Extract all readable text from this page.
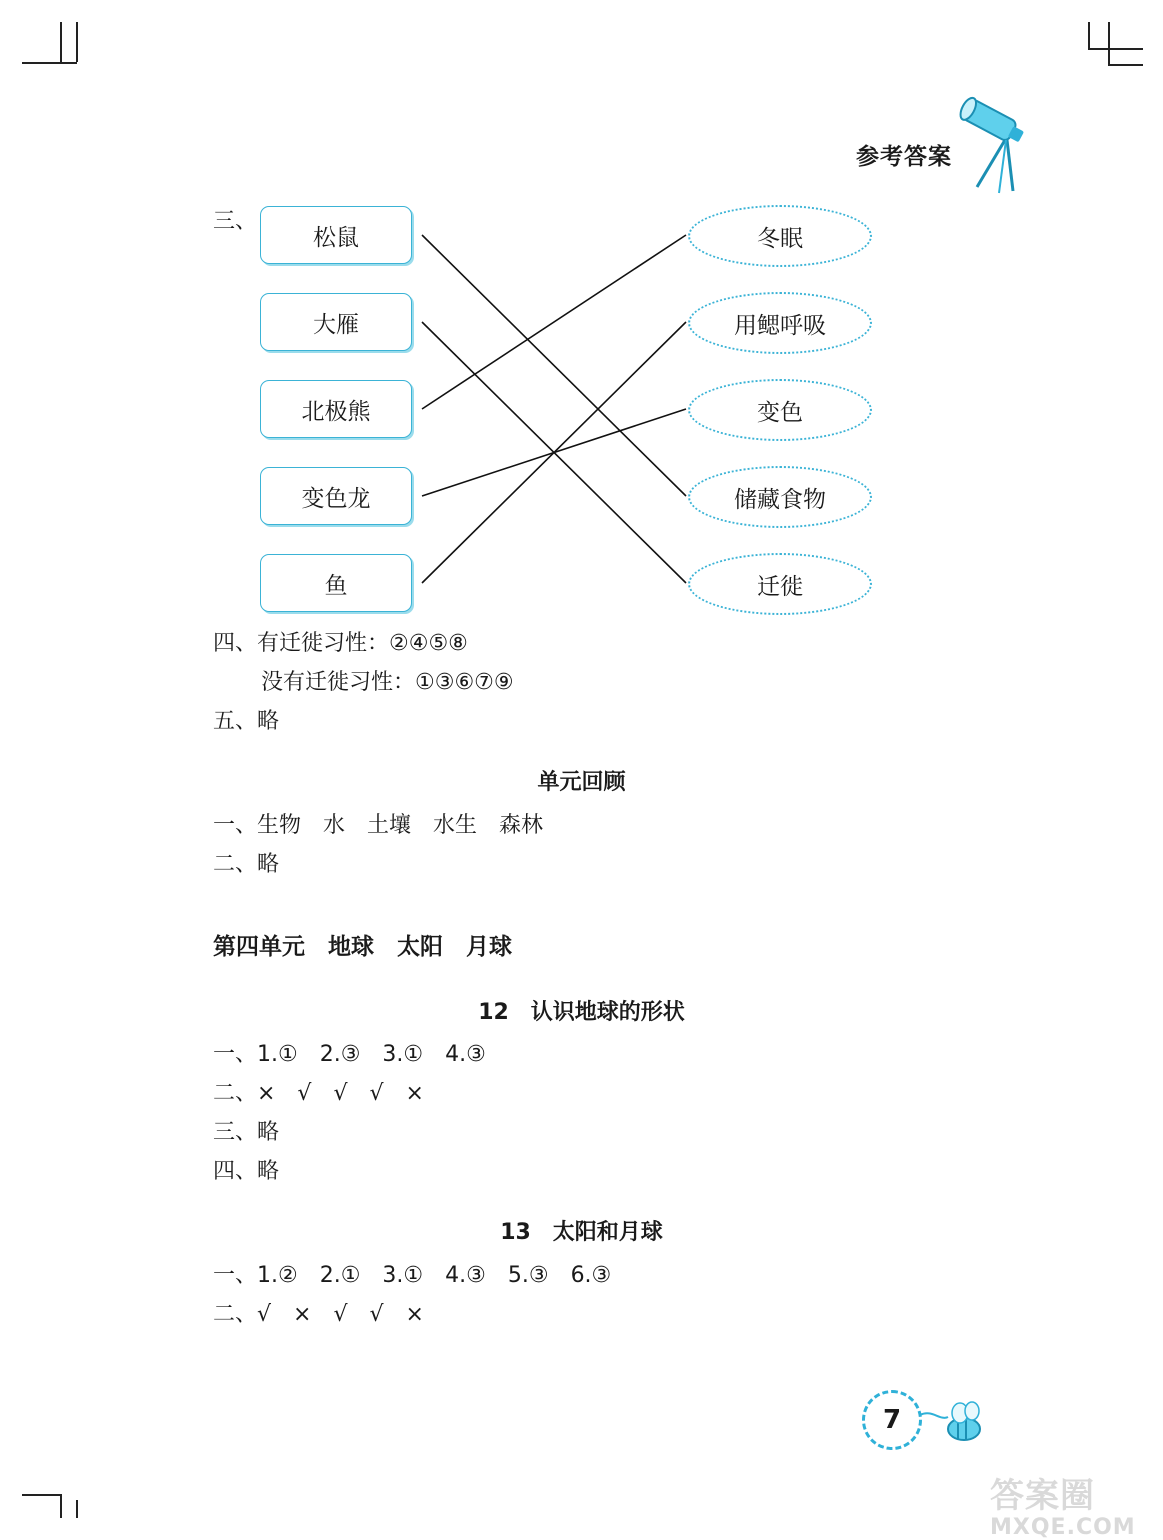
参考答案
三、
松鼠
大雁
北极熊
变色龙
鱼
冬眠
用鳃呼吸
变色
储藏食物
迁徙
四、有迁徙习性：②④⑤⑧
没有迁徙习性：①③⑥⑦⑨
五、略
单元回顾
一、生物　水　土壤　水生　森林
二、略
第四单元　地球　太阳　月球
12　认识地球的形状
一、1.①　2.③　3.①　4.③
二、×　√　√　√　×
三、略
四、略
13　太阳和月球
一、1.②　2.①　3.①　4.③　5.③　6.③
二、√　×　√　√　×
7
答案圈
MXQE.COM
